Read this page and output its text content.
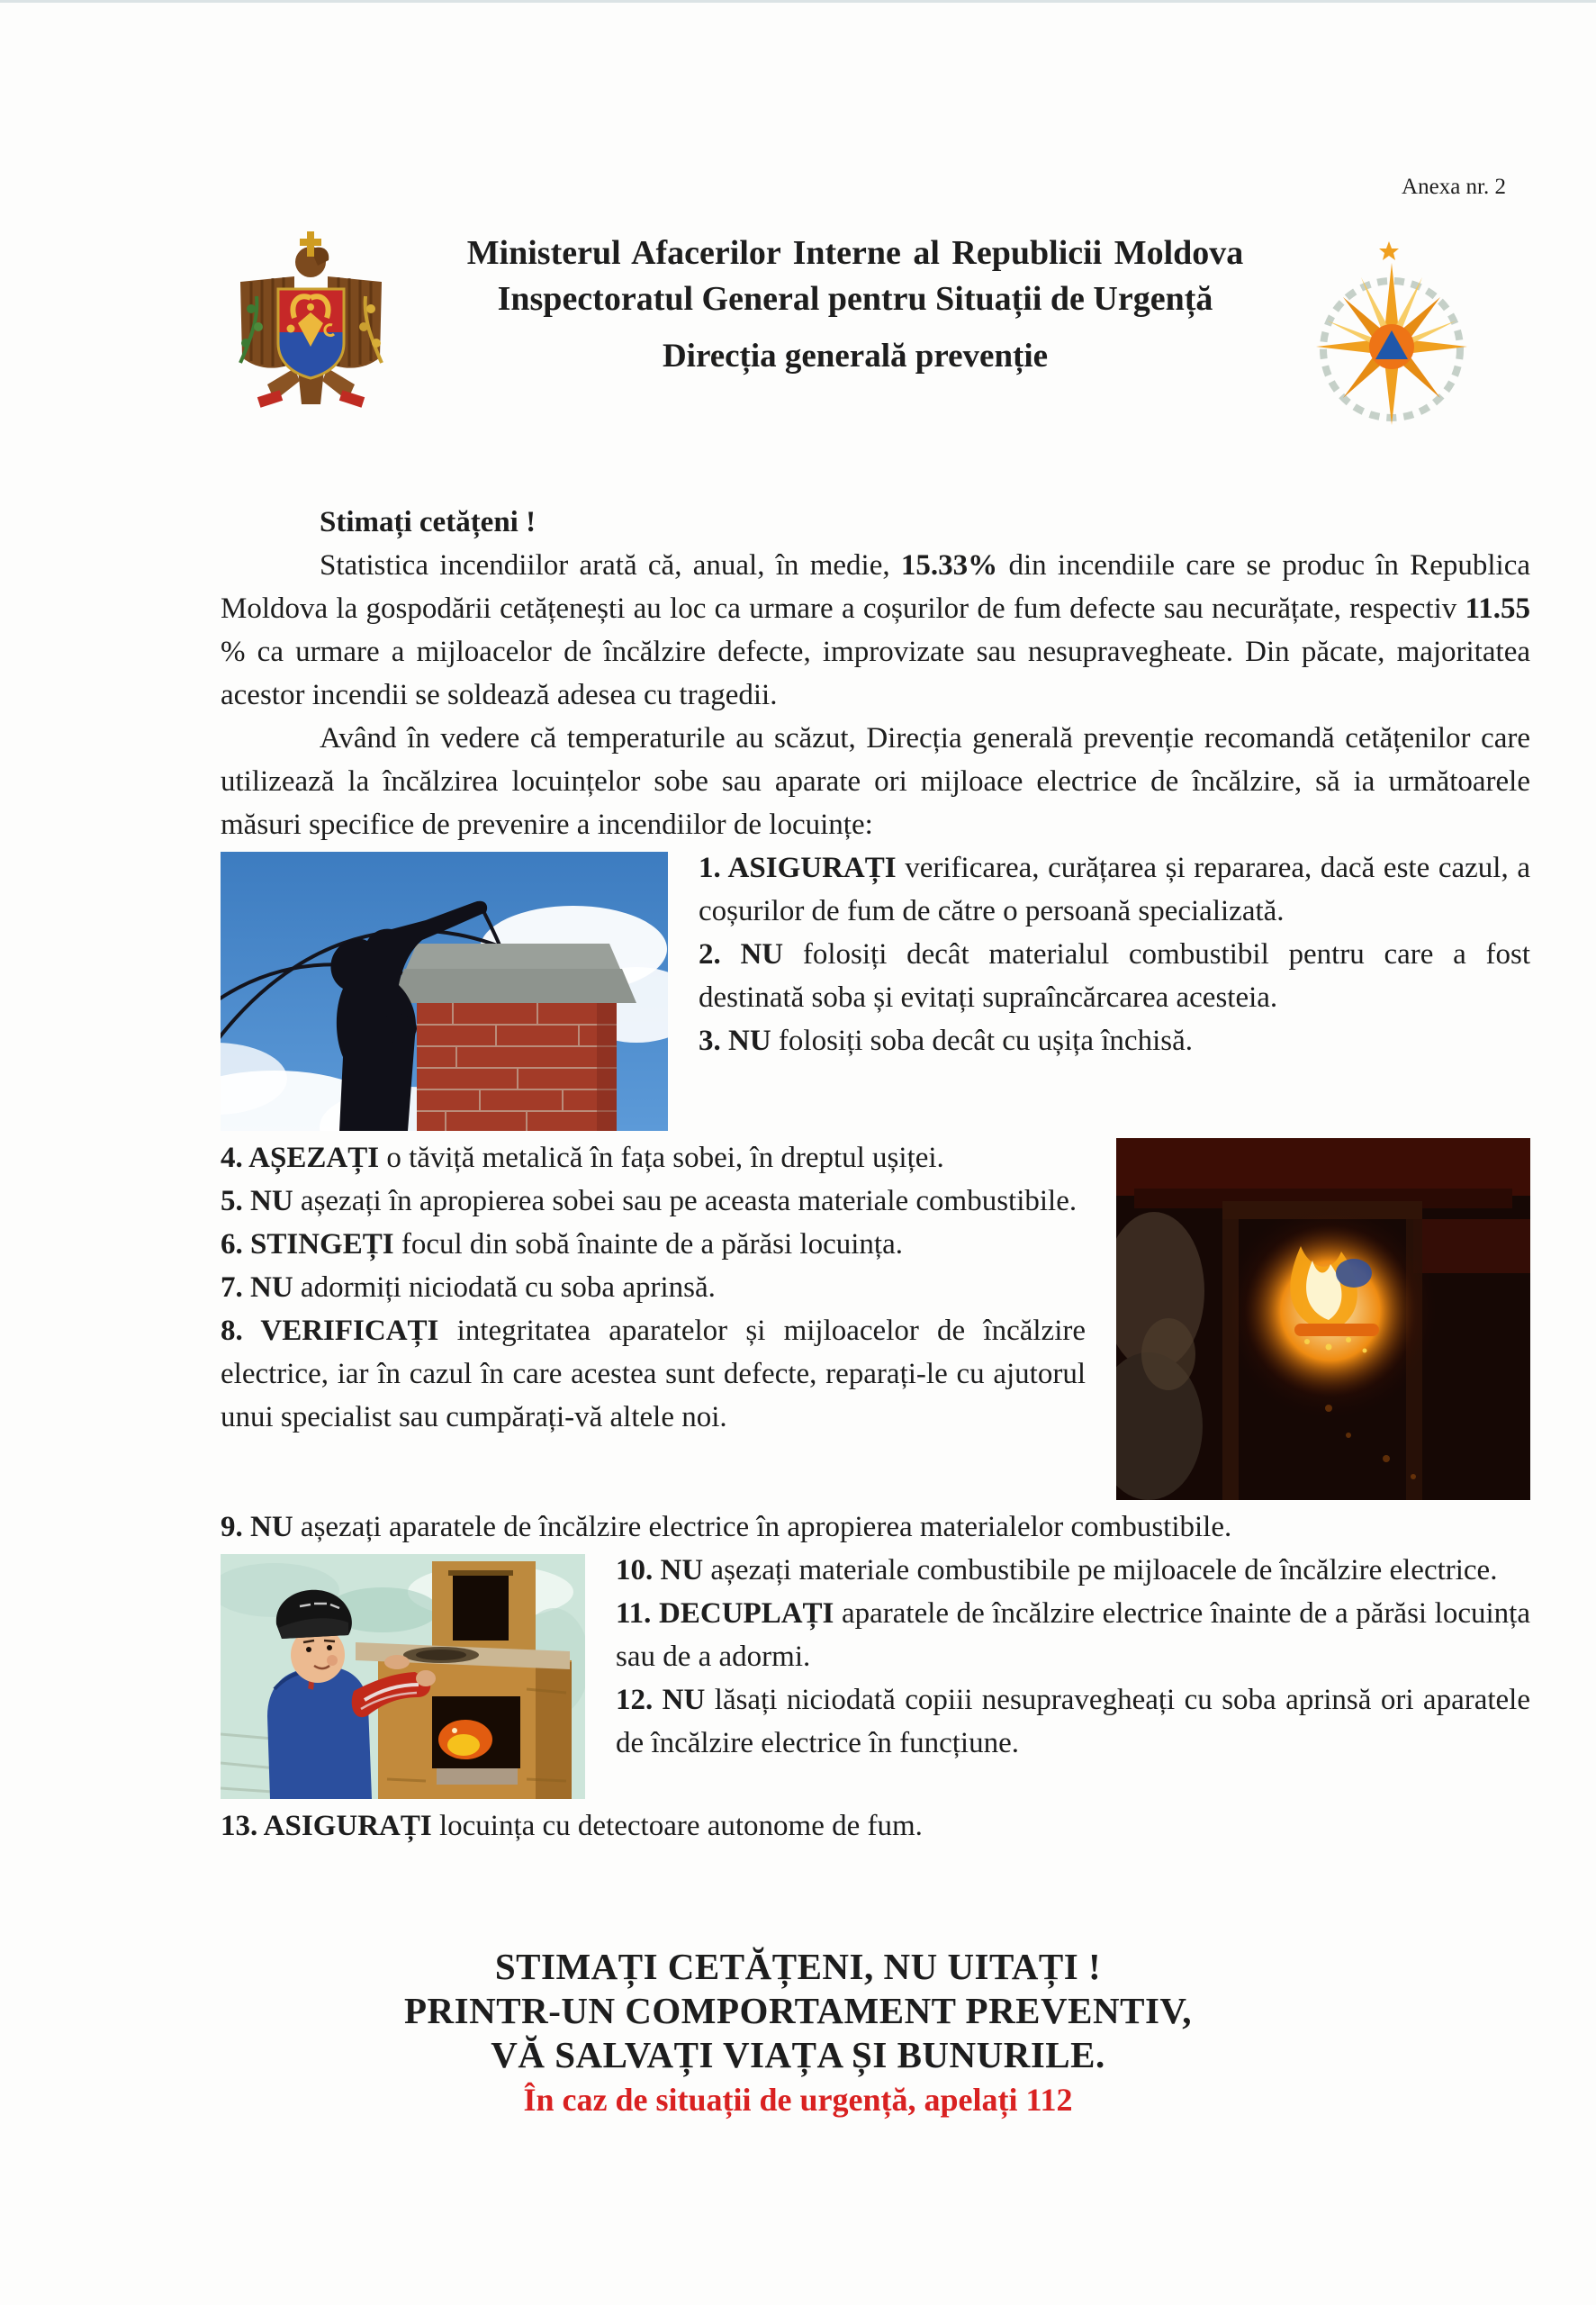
Anexa nr. 2
Ministerul Afacerilor Interne al Republicii Moldova
Inspectoratul General pentru Situații de Urgență
Direcția generală prevenție

Stimați cetățeni !

Statistica incendiilor arată că, anual, în medie, 15.33% din incendiile care se produc în Republica Moldova la gospodării cetățenești au loc ca urmare a coșurilor de fum defecte sau necurățate, respectiv 11.55 % ca urmare a mijloacelor de încălzire defecte, improvizate sau nesupravegheate. Din păcate, majoritatea acestor incendii se soldează adesea cu tragedii.

Având în vedere că temperaturile au scăzut, Direcția generală prevenție recomandă cetățenilor care utilizează la încălzirea locuințelor sobe sau aparate ori mijloace electrice de încălzire, să ia următoarele măsuri specifice de prevenire a incendiilor de locuințe:

1. ASIGURAȚI verificarea, curățarea și repararea, dacă este cazul, a coșurilor de fum de către o persoană specializată.

2. NU folosiți decât materialul combustibil pentru care a fost destinată soba și evitați supraîncărcarea acesteia.

3. NU folosiți soba decât cu ușița închisă.

4. AȘEZAȚI o tăviță metalică în fața sobei, în dreptul ușiței.

5. NU așezați în apropierea sobei sau pe aceasta materiale combustibile.

6. STINGEȚI focul din sobă înainte de a părăsi locuința.

7. NU adormiți niciodată cu soba aprinsă.

8. VERIFICAȚI integritatea aparatelor și mijloacelor de încălzire electrice, iar în cazul în care acestea sunt defecte, reparați-le cu ajutorul unui specialist sau cumpărați-vă altele noi.

9. NU așezați aparatele de încălzire electrice în apropierea materialelor combustibile.

10. NU așezați materiale combustibile pe mijloacele de încălzire electrice.

11. DECUPLAȚI aparatele de încălzire electrice înainte de a părăsi locuința sau de a adormi.

12. NU lăsați niciodată copiii nesupravegheați cu soba aprinsă ori aparatele de încălzire electrice în funcțiune.

13. ASIGURAȚI locuința cu detectoare autonome de fum.

STIMAȚI CETĂȚENI, NU UITAȚI !
PRINTR-UN COMPORTAMENT PREVENTIV,
VĂ SALVAȚI VIAȚA ȘI BUNURILE.
În caz de situații de urgență, apelați 112
